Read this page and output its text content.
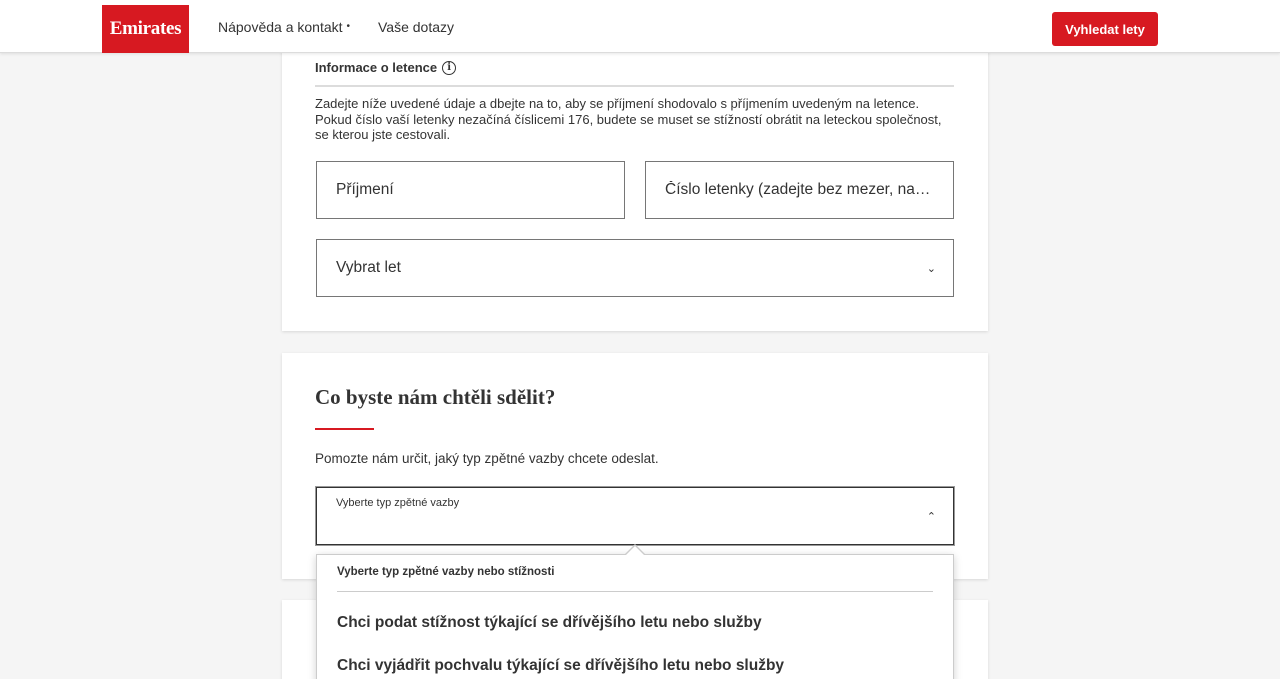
Emirates	Nápověda a kontakt • Vaše dotazy	Vyhledat lety
Informace o letence	i
Zadejte níže uvedené údaje a dbejte na to, aby se příjmení shodovalo s příjmením uvedeným na letence. Pokud číslo vaší letenky nezačíná číslicemi 176, budete se muset se stížností obrátit na leteckou společnost, se kterou jste cestovali.
Příjmení	Číslo letenky (zadejte bez mezer, na…
Vybrat let	⌄
Co byste nám chtěli sdělit?
Pomozte nám určit, jaký typ zpětné vazby chcete odeslat.
Vyberte typ zpětné vazby
⌃
Vyberte typ zpětné vazby nebo stížnosti
Chci podat stížnost týkající se dřívějšího letu nebo služby
Chci vyjádřit pochvalu týkající se dřívějšího letu nebo služby
